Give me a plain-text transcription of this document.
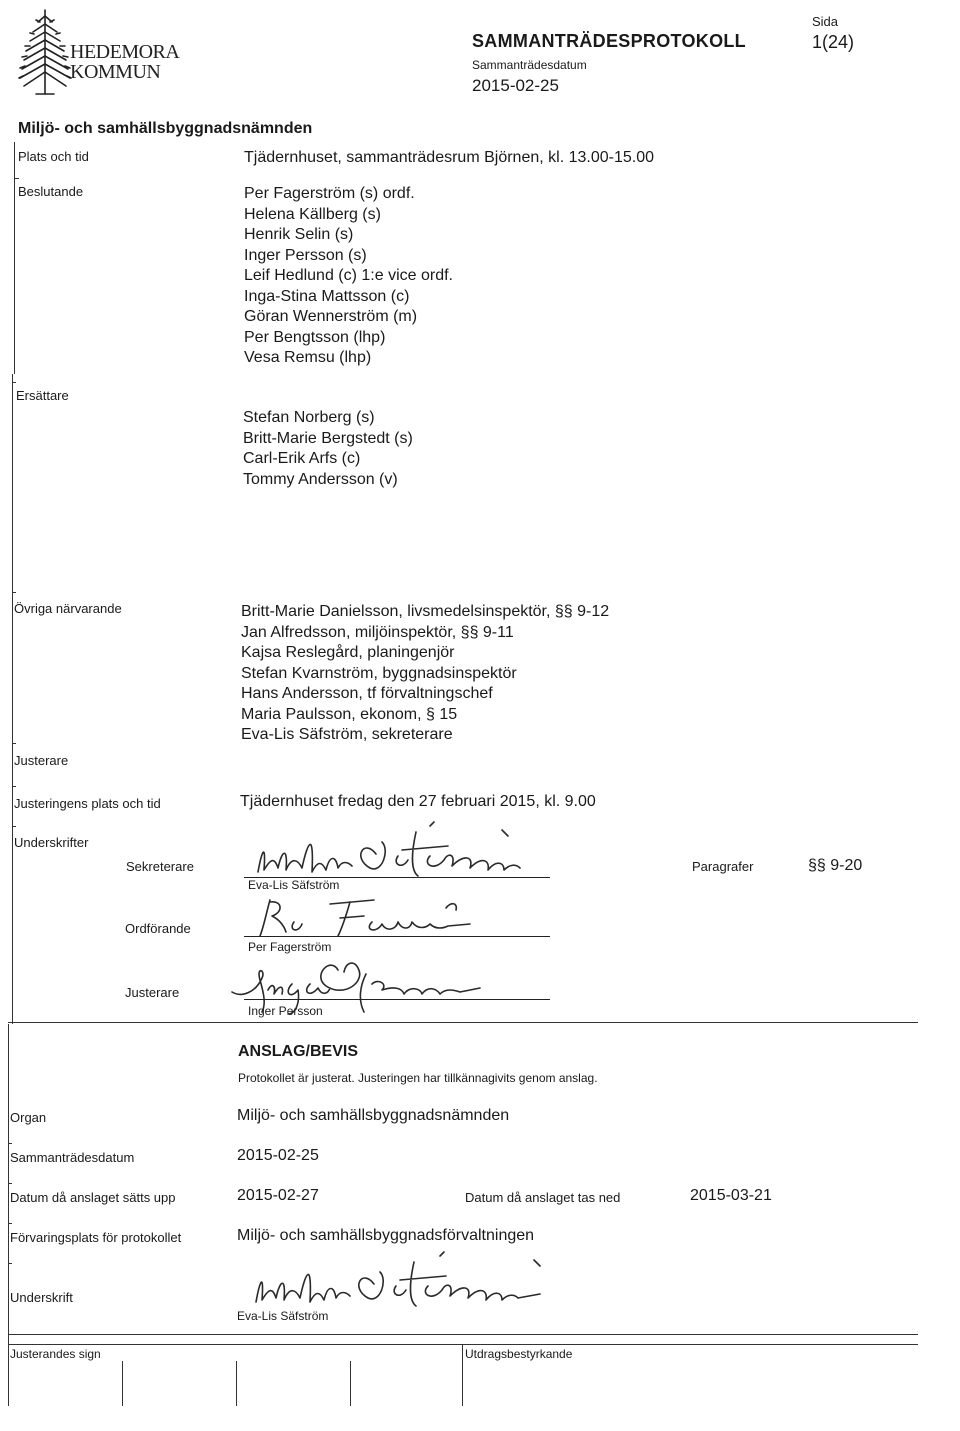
HEDEMORA
KOMMUN
Sida
1(24)
SAMMANTRÄDESPROTOKOLL
Sammanträdesdatum
2015-02-25
Miljö- och samhällsbyggnadsnämnden
Plats och tid	Tjädernhuset, sammanträdesrum Björnen, kl. 13.00-15.00
Beslutande	Per Fagerström (s) ordf.
Helena Källberg (s)
Henrik Selin (s)
Inger Persson (s)
Leif Hedlund (c) 1:e vice ordf.
Inga-Stina Mattsson (c)
Göran Wennerström (m)
Per Bengtsson (lhp)
Vesa Remsu (lhp)
Ersättare
Stefan Norberg (s)
Britt-Marie Bergstedt (s)
Carl-Erik Arfs (c)
Tommy Andersson (v)
Övriga närvarande	Britt-Marie Danielsson, livsmedelsinspektör, §§ 9-12
Jan Alfredsson, miljöinspektör, §§ 9-11
Kajsa Reslegård, planingenjör
Stefan Kvarnström, byggnadsinspektör
Hans Andersson, tf förvaltningschef
Maria Paulsson, ekonom, § 15
Eva-Lis Säfström, sekreterare
Justerare
Justeringens plats och tid	Tjädernhuset fredag den 27 februari 2015, kl. 9.00
Underskrifter
Sekreterare
Eva-Lis Säfström
Paragrafer	§§ 9-20
Ordförande
Per Fagerström
Justerare
Inger Persson
ANSLAG/BEVIS
Protokollet är justerat. Justeringen har tillkännagivits genom anslag.
Organ	Miljö- och samhällsbyggnadsnämnden
Sammanträdesdatum	2015-02-25
Datum då anslaget sätts upp	2015-02-27	Datum då anslaget tas ned	2015-03-21
Förvaringsplats för protokollet	Miljö- och samhällsbyggnadsförvaltningen
Underskrift
Eva-Lis Säfström
Justerandes sign	Utdragsbestyrkande
